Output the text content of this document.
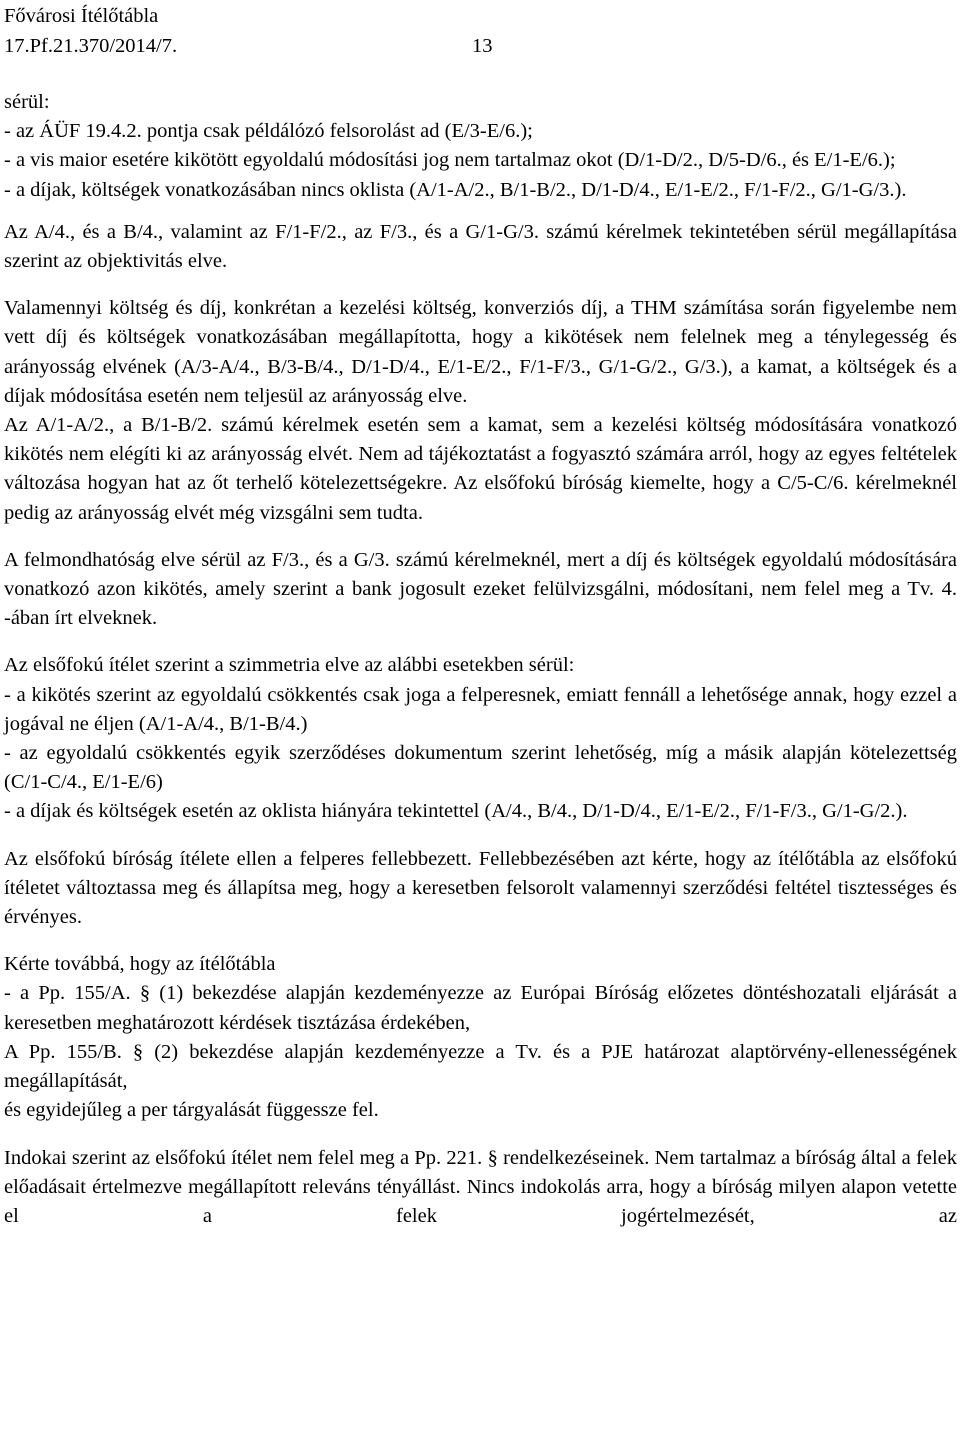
Fővárosi Ítélőtábla
17.Pf.21.370/2014/7.	13

sérül:

- az ÁÜF 19.4.2. pontja csak példálózó felsorolást ad (E/3-E/6.);

- a vis maior esetére kikötött egyoldalú módosítási jog nem tartalmaz okot (D/1-D/2., D/5-D/6., és E/1-E/6.);

- a díjak, költségek vonatkozásában nincs oklista (A/1-A/2., B/1-B/2., D/1-D/4., E/1-E/2., F/1-F/2., G/1-G/3.).

Az A/4., és a B/4., valamint az F/1-F/2., az F/3., és a G/1-G/3. számú kérelmek tekintetében sérül megállapítása szerint az objektivitás elve.

Valamennyi költség és díj, konkrétan a kezelési költség, konverziós díj, a THM számítása során figyelembe nem vett díj és költségek vonatkozásában megállapította, hogy a kikötések nem felelnek meg a ténylegesség és arányosság elvének (A/3-A/4., B/3-B/4., D/1-D/4., E/1-E/2., F/1-F/3., G/1-G/2., G/3.), a kamat, a költségek és a díjak módosítása esetén nem teljesül az arányosság elve.

Az A/1-A/2., a B/1-B/2. számú kérelmek esetén sem a kamat, sem a kezelési költség módosítására vonatkozó kikötés nem elégíti ki az arányosság elvét. Nem ad tájékoztatást a fogyasztó számára arról, hogy az egyes feltételek változása hogyan hat az őt terhelő kötelezettségekre. Az elsőfokú bíróság kiemelte, hogy a C/5-C/6. kérelmeknél pedig az arányosság elvét még vizsgálni sem tudta.

A felmondhatóság elve sérül az F/3., és a G/3. számú kérelmeknél, mert a díj és költségek egyoldalú módosítására vonatkozó azon kikötés, amely szerint a bank jogosult ezeket felülvizsgálni, módosítani, nem felel meg a Tv. 4. -ában írt elveknek.

Az elsőfokú ítélet szerint a szimmetria elve az alábbi esetekben sérül:

- a kikötés szerint az egyoldalú csökkentés csak joga a felperesnek, emiatt fennáll a lehetősége annak, hogy ezzel a jogával ne éljen (A/1-A/4., B/1-B/4.)

- az egyoldalú csökkentés egyik szerződéses dokumentum szerint lehetőség, míg a másik alapján kötelezettség (C/1-C/4., E/1-E/6)

- a díjak és költségek esetén az oklista hiányára tekintettel (A/4., B/4., D/1-D/4., E/1-E/2., F/1-F/3., G/1-G/2.).

Az elsőfokú bíróság ítélete ellen a felperes fellebbezett. Fellebbezésében azt kérte, hogy az ítélőtábla az elsőfokú ítéletet változtassa meg és állapítsa meg, hogy a keresetben felsorolt valamennyi szerződési feltétel tisztességes és érvényes.

Kérte továbbá, hogy az ítélőtábla

- a Pp. 155/A. § (1) bekezdése alapján kezdeményezze az Európai Bíróság előzetes döntéshozatali eljárását a keresetben meghatározott kérdések tisztázása érdekében,

A Pp. 155/B. § (2) bekezdése alapján kezdeményezze a Tv. és a PJE határozat alaptörvény-ellenességének megállapítását,

és egyidejűleg a per tárgyalását függessze fel.

Indokai szerint az elsőfokú ítélet nem felel meg a Pp. 221. § rendelkezéseinek. Nem tartalmaz a bíróság által a felek előadásait értelmezve megállapított releváns tényállást. Nincs indokolás arra, hogy a bíróság milyen alapon vetette el a felek jogértelmezését, az
